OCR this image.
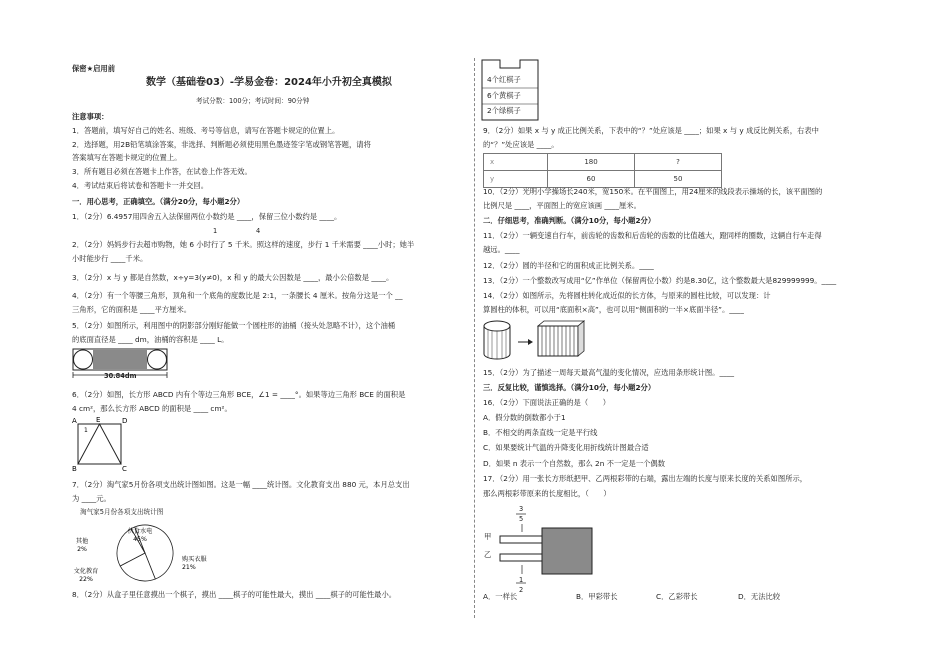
保密★启用前
数学（基础卷03）-学易金卷：2024年小升初全真模拟
考试分数：100分；考试时间：90分钟
注意事项：
1．答题前，填写好自己的姓名、班级、考号等信息，请写在答题卡规定的位置上。
2．选择题，用2B铅笔填涂答案，非选择、判断题必须使用黑色墨迹签字笔或钢笔答题，请将
答案填写在答题卡规定的位置上。
3．所有题目必须在答题卡上作答，在试卷上作答无效。
4．考试结束后将试卷和答题卡一并交回。
一．用心思考，正确填空。（满分20分，每小题2分）
1．（2分）6.4957用四舍五入法保留两位小数约是 ____，保留三位小数约是 ____。
1	4
2．（2分）妈妈步行去超市购物，她 6 小时行了 5 千米。照这样的速度，步行 1 千米需要 ____小时；她半
小时能步行 ____千米。
3．（2分）x 与 y 都是自然数，x÷y=3(y≠0)，x 和 y 的最大公因数是 ____，最小公倍数是 ____。
4．（2分）有一个等腰三角形，顶角和一个底角的度数比是 2:1，一条腰长 4 厘米。按角分这是一个 __
三角形，它的面积是 ____平方厘米。
5．（2分）如图所示，利用图中的阴影部分刚好能做一个圆柱形的油桶（接头处忽略不计），这个油桶
的底面直径是 ____ dm，油桶的容积是 ____ L。
30.84dm
6．（2分）如图，长方形 ABCD 内有个等边三角形 BCE，∠1 = ____°。如果等边三角形 BCE 的面积是
4 cm²，那么长方形 ABCD 的面积是 ____ cm²。
A	E	D
1
B	C
7．（2分）淘气家5月份各项支出统计图如图。这是一幅 ____统计图。文化教育支出 880 元，本月总支出
为 ____元。
淘气家5月份各项支出统计图
伙食水电
45%
购买衣服
21%
文化教育
22%
其他
2%
8．（2分）从盒子里任意摸出一个棋子，摸出 ____棋子的可能性最大，摸出 ____棋子的可能性最小。
4个红棋子
6个黄棋子
2个绿棋子
9．（2分）如果 x 与 y 成正比例关系，下表中的“？”处应该是 ____；如果 x 与 y 成反比例关系，右表中
的“？”处应该是 ____。
x	180	?
y	60	50
10．（2分）光明小学操场长240米，宽150米。在平面图上，用24厘米的线段表示操场的长，该平面图的
比例尺是 ____，平面图上的宽应该画 ____厘米。
二．仔细思考，准确判断。（满分10分，每小题2分）
11．（2分）一辆变速自行车，前齿轮的齿数和后齿轮的齿数的比值越大，蹬同样的圈数，这辆自行车走得
越远。____
12．（2分）圆的半径和它的面积成正比例关系。____
13．（2分）一个整数改写成用“亿”作单位（保留两位小数）约是8.30亿，这个整数最大是829999999。____
14．（2分）如图所示，先将圆柱转化成近似的长方体，与原来的圆柱比较，可以发现：计
算圆柱的体积，可以用“底面积×高”，也可以用“侧面积的一半×底面半径”。____
15．（2分）为了描述一周每天最高气温的变化情况，应选用条形统计图。____
三．反复比较，谨慎选择。（满分10分，每小题2分）
16．（2分）下面说法正确的是（　　）
A．假分数的倒数都小于1
B．不相交的两条直线一定是平行线
C．如果要统计气温的升降变化用折线统计图最合适
D．如果 n 表示一个自然数，那么 2n 不一定是一个偶数
17．（2分）用一张长方形纸把甲、乙两根彩带的右端，露出左端的长度与原来长度的关系如图所示，
那么两根彩带原来的长度相比，（　　）
3
5
甲
乙
1
2
A．一样长	B．甲彩带长	C．乙彩带长	D．无法比较
